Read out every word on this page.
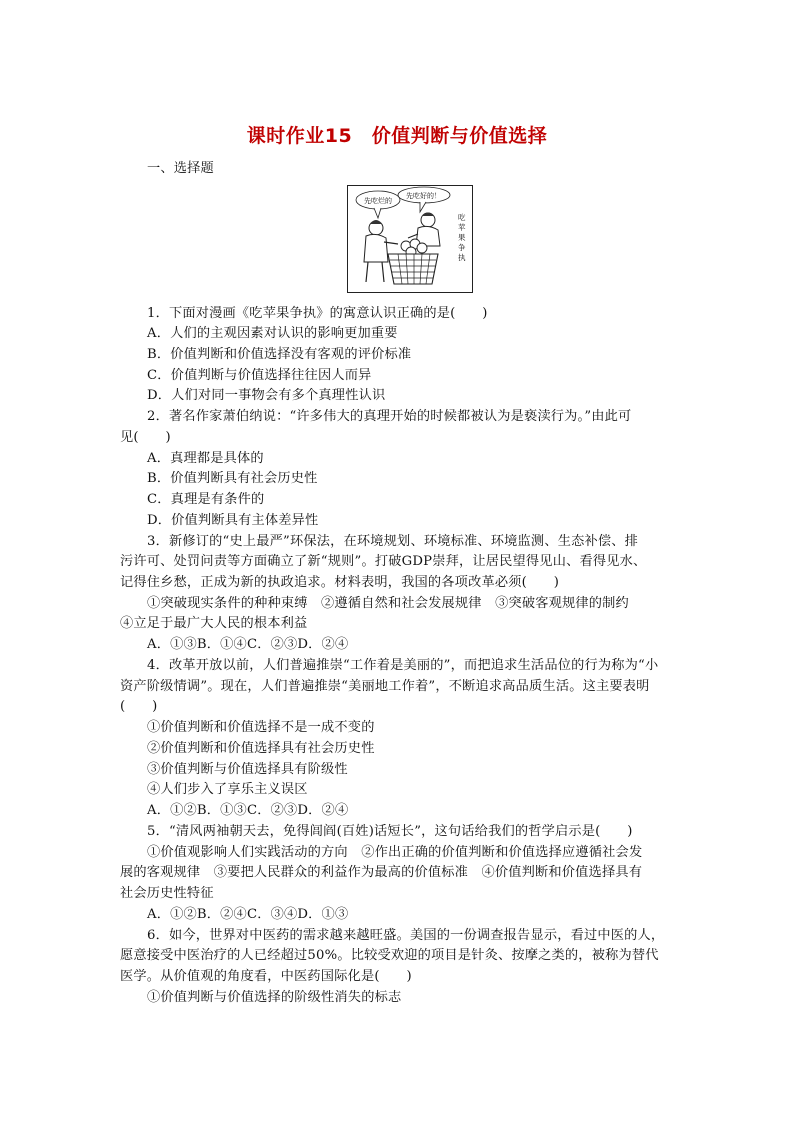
课时作业15　价值判断与价值选择
一、选择题
先吃烂的
先吃好的！
吃
苹
果
争
执
1．下面对漫画《吃苹果争执》的寓意认识正确的是(　　)
A．人们的主观因素对认识的影响更加重要
B．价值判断和价值选择没有客观的评价标准
C．价值判断与价值选择往往因人而异
D．人们对同一事物会有多个真理性认识
2．著名作家萧伯纳说：“许多伟大的真理开始的时候都被认为是亵渎行为。”由此可
见(　　)
A．真理都是具体的
B．价值判断具有社会历史性
C．真理是有条件的
D．价值判断具有主体差异性
3．新修订的“史上最严”环保法，在环境规划、环境标准、环境监测、生态补偿、排
污许可、处罚问责等方面确立了新“规则”。打破GDP崇拜，让居民望得见山、看得见水、
记得住乡愁，正成为新的执政追求。材料表明，我国的各项改革必须(　　)
①突破现实条件的种种束缚　②遵循自然和社会发展规律　③突破客观规律的制约
④立足于最广大人民的根本利益
A．①③B．①④C．②③D．②④
4．改革开放以前，人们普遍推崇“工作着是美丽的”，而把追求生活品位的行为称为“小
资产阶级情调”。现在，人们普遍推崇“美丽地工作着”，不断追求高品质生活。这主要表明
(　　)
①价值判断和价值选择不是一成不变的
②价值判断和价值选择具有社会历史性
③价值判断与价值选择具有阶级性
④人们步入了享乐主义误区
A．①②B．①③C．②③D．②④
5．“清风两袖朝天去，免得闾阎(百姓)话短长”，这句话给我们的哲学启示是(　　)
①价值观影响人们实践活动的方向　②作出正确的价值判断和价值选择应遵循社会发
展的客观规律　③要把人民群众的利益作为最高的价值标准　④价值判断和价值选择具有
社会历史性特征
A．①②B．②④C．③④D．①③
6．如今，世界对中医药的需求越来越旺盛。美国的一份调查报告显示，看过中医的人，
愿意接受中医治疗的人已经超过50%。比较受欢迎的项目是针灸、按摩之类的，被称为替代
医学。从价值观的角度看，中医药国际化是(　　)
①价值判断与价值选择的阶级性消失的标志
